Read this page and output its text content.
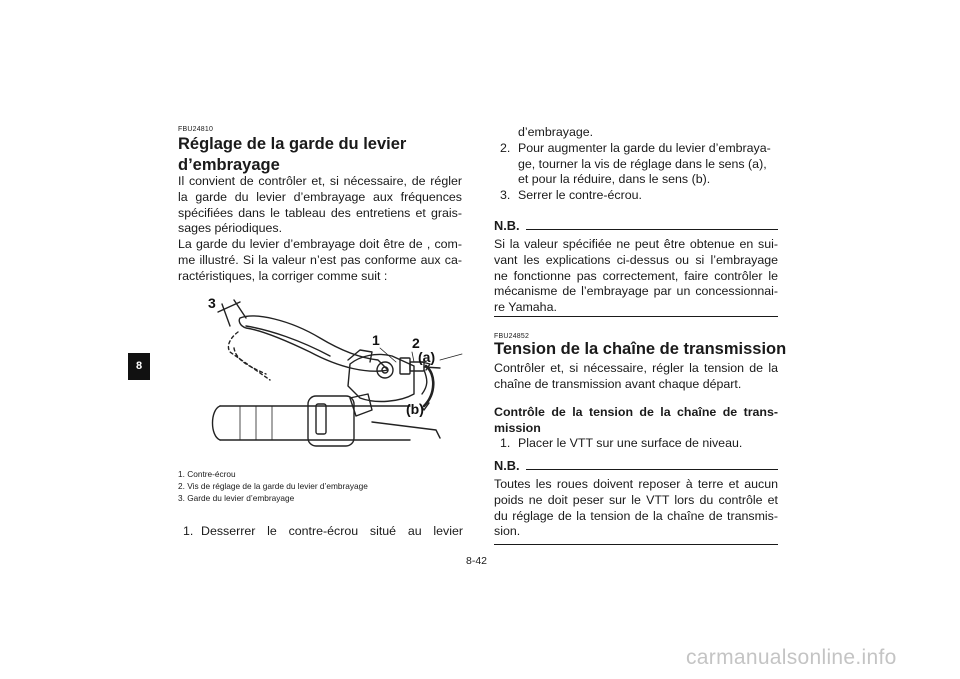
8
FBU24810
Réglage de la garde du levier
d’embrayage
Il convient de contrôler et, si nécessaire, de régler
la garde du levier d’embrayage aux fréquences
spécifiées dans le tableau des entretiens et grais-
sages périodiques.
La garde du levier d’embrayage doit être de , com-
me illustré. Si la valeur n’est pas conforme aux ca-
ractéristiques, la corriger comme suit :
3
1 2
(a)
(b)
1. Contre-écrou
2. Vis de réglage de la garde du levier d’embrayage
3. Garde du levier d’embrayage
1. Desserrer le contre-écrou situé au levier
d’embrayage.
2. Pour augmenter la garde du levier d’embraya-
ge, tourner la vis de réglage dans le sens (a),
et pour la réduire, dans le sens (b).
3. Serrer le contre-écrou.
N.B.
Si la valeur spécifiée ne peut être obtenue en sui-
vant les explications ci-dessus ou si l’embrayage
ne fonctionne pas correctement, faire contrôler le
mécanisme de l’embrayage par un concessionnai-
re Yamaha.
FBU24852
Tension de la chaîne de transmission
Contrôler et, si nécessaire, régler la tension de la
chaîne de transmission avant chaque départ.
Contrôle de la tension de la chaîne de trans-
mission
1. Placer le VTT sur une surface de niveau.
N.B.
Toutes les roues doivent reposer à terre et aucun
poids ne doit peser sur le VTT lors du contrôle et
du réglage de la tension de la chaîne de transmis-
sion.
8-42
carmanualsonline.info
